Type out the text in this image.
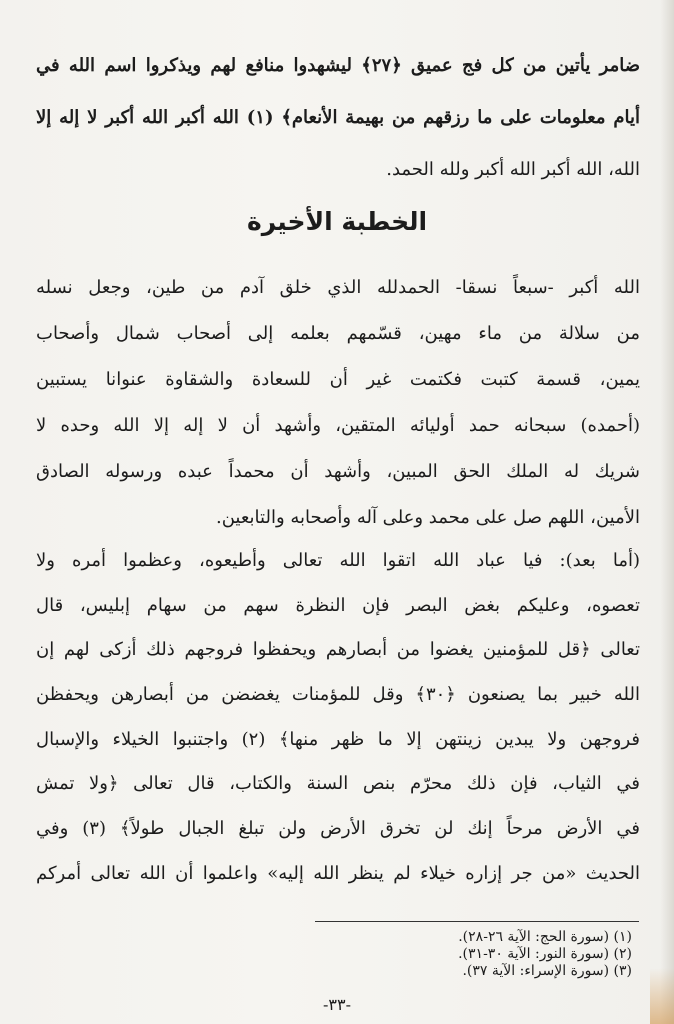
ضامر يأتين من كل فج عميق ﴿٢٧﴾ ليشهدوا منافع لهم ويذكروا اسم الله في
أيام معلومات على ما رزقهم من بهيمة الأنعام﴾ (١) الله أكبر الله أكبر لا إله إلا
الله، الله أكبر الله أكبر ولله الحمد.
الخطبة الأخيرة
الله أكبر -سبعاً نسقا- الحمدلله الذي خلق آدم من طين، وجعل نسله
من سلالة من ماء مهين، قسّمهم بعلمه إلى أصحاب شمال وأصحاب
يمين، قسمة كتبت فكتمت غير أن للسعادة والشقاوة عنوانا يستبين
(أحمده) سبحانه حمد أوليائه المتقين، وأشهد أن لا إله إلا الله وحده لا
شريك له الملك الحق المبين، وأشهد أن محمداً عبده ورسوله الصادق
الأمين، اللهم صل على محمد وعلى آله وأصحابه والتابعين.
(أما بعد): فيا عباد الله اتقوا الله تعالى وأطيعوه، وعظموا أمره ولا
تعصوه، وعليكم بغض البصر فإن النظرة سهم من سهام إبليس، قال
تعالى ﴿قل للمؤمنين يغضوا من أبصارهم ويحفظوا فروجهم ذلك أزكى لهم إن
الله خبير بما يصنعون ﴿٣٠﴾ وقل للمؤمنات يغضضن من أبصارهن ويحفظن
فروجهن ولا يبدين زينتهن إلا ما ظهر منها﴾ (٢) واجتنبوا الخيلاء والإسبال
في الثياب، فإن ذلك محرّم بنص السنة والكتاب، قال تعالى ﴿ولا تمش
في الأرض مرحاً إنك لن تخرق الأرض ولن تبلغ الجبال طولاً﴾ (٣) وفي
الحديث «من جر إزاره خيلاء لم ينظر الله إليه» واعلموا أن الله تعالى أمركم
(١) (سورة الحج: الآية ٢٦-٢٨).
(٢) (سورة النور: الآية ٣٠-٣١).
(٣) (سورة الإسراء: الآية ٣٧).
-٣٣-
